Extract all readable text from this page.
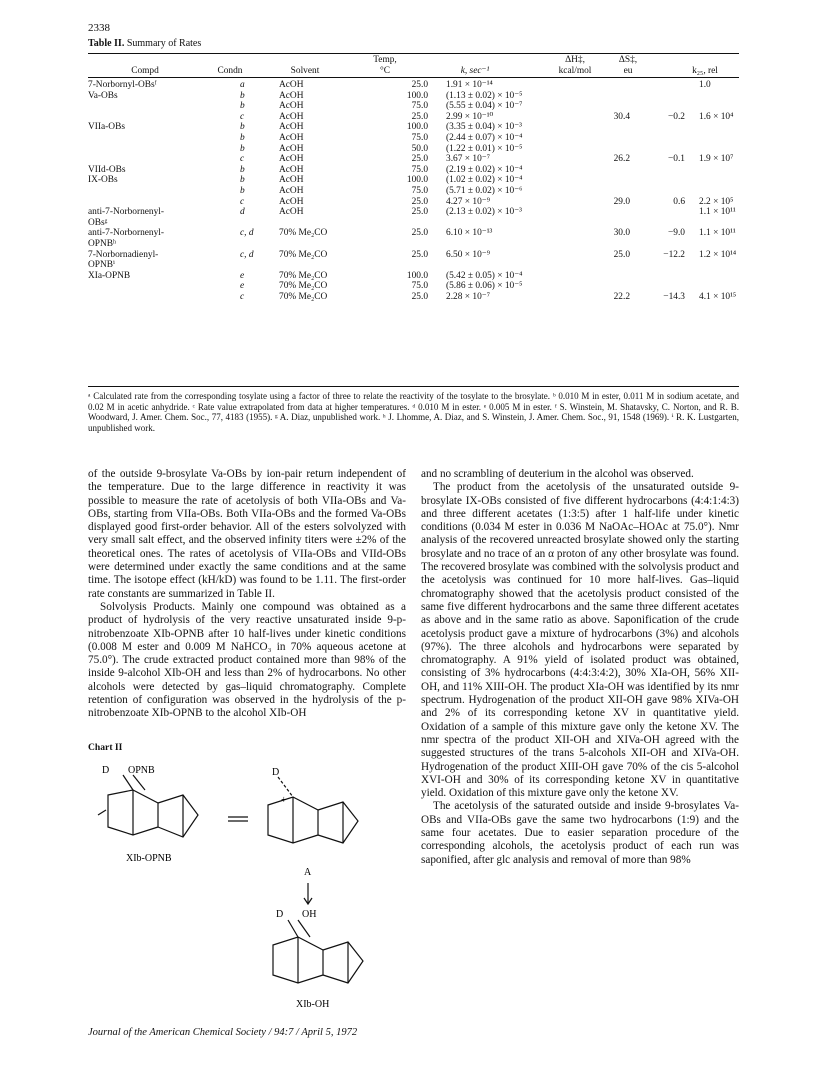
2338
Table II. Summary of Rates
Temp,	ΔH‡,	ΔS‡,
Compd	Condn	Solvent	°C	k, sec⁻¹	kcal/mol	eu	k₂₅, rel
7-Norbornyl-OBsᶠ	a	AcOH	25.0	1.91 × 10⁻¹⁴			1.0
Va-OBs	b	AcOH	100.0	(1.13 ± 0.02) × 10⁻⁵			
	b	AcOH	75.0	(5.55 ± 0.04) × 10⁻⁷			
	c	AcOH	25.0	2.99 × 10⁻¹⁰	30.4	−0.2	1.6 × 10⁴
VIIa-OBs	b	AcOH	100.0	(3.35 ± 0.04) × 10⁻³			
	b	AcOH	75.0	(2.44 ± 0.07) × 10⁻⁴			
	b	AcOH	50.0	(1.22 ± 0.01) × 10⁻⁵			
	c	AcOH	25.0	3.67 × 10⁻⁷	26.2	−0.1	1.9 × 10⁷
VIId-OBs	b	AcOH	75.0	(2.19 ± 0.02) × 10⁻⁴			
IX-OBs	b	AcOH	100.0	(1.02 ± 0.02) × 10⁻⁴			
	b	AcOH	75.0	(5.71 ± 0.02) × 10⁻⁶			
	c	AcOH	25.0	4.27 × 10⁻⁹	29.0	0.6	2.2 × 10⁵
anti-7-Norbornenyl-	d	AcOH	25.0	(2.13 ± 0.02) × 10⁻³			1.1 × 10¹¹
OBsᵍ							
anti-7-Norbornenyl-	c, d	70% Me₂CO	25.0	6.10 × 10⁻¹³	30.0	−9.0	1.1 × 10¹¹
OPNBʰ							
7-Norbornadienyl-	c, d	70% Me₂CO	25.0	6.50 × 10⁻⁹	25.0	−12.2	1.2 × 10¹⁴
OPNBⁱ							
XIa-OPNB	e	70% Me₂CO	100.0	(5.42 ± 0.05) × 10⁻⁴			
	e	70% Me₂CO	75.0	(5.86 ± 0.06) × 10⁻⁵			
	c	70% Me₂CO	25.0	2.28 × 10⁻⁷	22.2	−14.3	4.1 × 10¹⁵
ᵃ Calculated rate from the corresponding tosylate using a factor of three to relate the reactivity of the tosylate to the brosylate. ᵇ 0.010 M in ester, 0.011 M in sodium acetate, and 0.02 M in acetic anhydride. ᶜ Rate value extrapolated from data at higher temperatures. ᵈ 0.010 M in ester. ᵉ 0.005 M in ester. ᶠ S. Winstein, M. Shatavsky, C. Norton, and R. B. Woodward, J. Amer. Chem. Soc., 77, 4183 (1955). ᵍ A. Diaz, unpublished work. ʰ J. Lhomme, A. Diaz, and S. Winstein, J. Amer. Chem. Soc., 91, 1548 (1969). ⁱ R. K. Lustgarten, unpublished work.

of the outside 9-brosylate Va-OBs by ion-pair return independent of the temperature. Due to the large difference in reactivity it was possible to measure the rate of acetolysis of both VIIa-OBs and Va-OBs, starting from VIIa-OBs. Both VIIa-OBs and the formed Va-OBs displayed good first-order behavior. All of the esters solvolyzed with very small salt effect, and the observed infinity titers were ±2% of the theoretical ones. The rates of acetolysis of VIIa-OBs and VIId-OBs were determined under exactly the same conditions and at the same time. The isotope effect (kH/kD) was found to be 1.11. The first-order rate constants are summarized in Table II.

Solvolysis Products. Mainly one compound was obtained as a product of hydrolysis of the very reactive unsaturated inside 9-p-nitrobenzoate XIb-OPNB after 10 half-lives under kinetic conditions (0.008 M ester and 0.009 M NaHCO₃ in 70% aqueous acetone at 75.0°). The crude extracted product contained more than 98% of the inside 9-alcohol XIb-OH and less than 2% of hydrocarbons. No other alcohols were detected by gas–liquid chromatography. Complete retention of configuration was observed in the hydrolysis of the p-nitrobenzoate XIb-OPNB to the alcohol XIb-OH

Chart II
D OPNB
XIb-OPNB
D
+
A
D OH
XIb-OH

and no scrambling of deuterium in the alcohol was observed.

The product from the acetolysis of the unsaturated outside 9-brosylate IX-OBs consisted of five different hydrocarbons (4:4:1:4:3) and three different acetates (1:3:5) after 1 half-life under kinetic conditions (0.034 M ester in 0.036 M NaOAc–HOAc at 75.0°). Nmr analysis of the recovered unreacted brosylate showed only the starting brosylate and no trace of an α proton of any other brosylate was found. The recovered brosylate was combined with the solvolysis product and the acetolysis was continued for 10 more half-lives. Gas–liquid chromatography showed that the acetolysis product consisted of the same five different hydrocarbons and the same three different acetates as above and in the same ratio as above. Saponification of the crude acetolysis product gave a mixture of hydrocarbons (3%) and alcohols (97%). The three alcohols and hydrocarbons were separated by chromatography. A 91% yield of isolated product was obtained, consisting of 3% hydrocarbons (4:4:3:4:2), 30% XIa-OH, 56% XII-OH, and 11% XIII-OH. The product XIa-OH was identified by its nmr spectrum. Hydrogenation of the product XII-OH gave 98% XIVa-OH and 2% of its corresponding ketone XV in quantitative yield. Oxidation of a sample of this mixture gave only the ketone XV. The nmr spectra of the product XII-OH and XIVa-OH agreed with the suggested structures of the trans 5-alcohols XII-OH and XIVa-OH. Hydrogenation of the product XIII-OH gave 70% of the cis 5-alcohol XVI-OH and 30% of its corresponding ketone XV in quantitative yield. Oxidation of this mixture gave only the ketone XV.

The acetolysis of the saturated outside and inside 9-brosylates Va-OBs and VIIa-OBs gave the same two hydrocarbons (1:9) and the same four acetates. Due to easier separation procedure of the corresponding alcohols, the acetolysis product of each run was saponified, after glc analysis and removal of more than 98%

Journal of the American Chemical Society / 94:7 / April 5, 1972
